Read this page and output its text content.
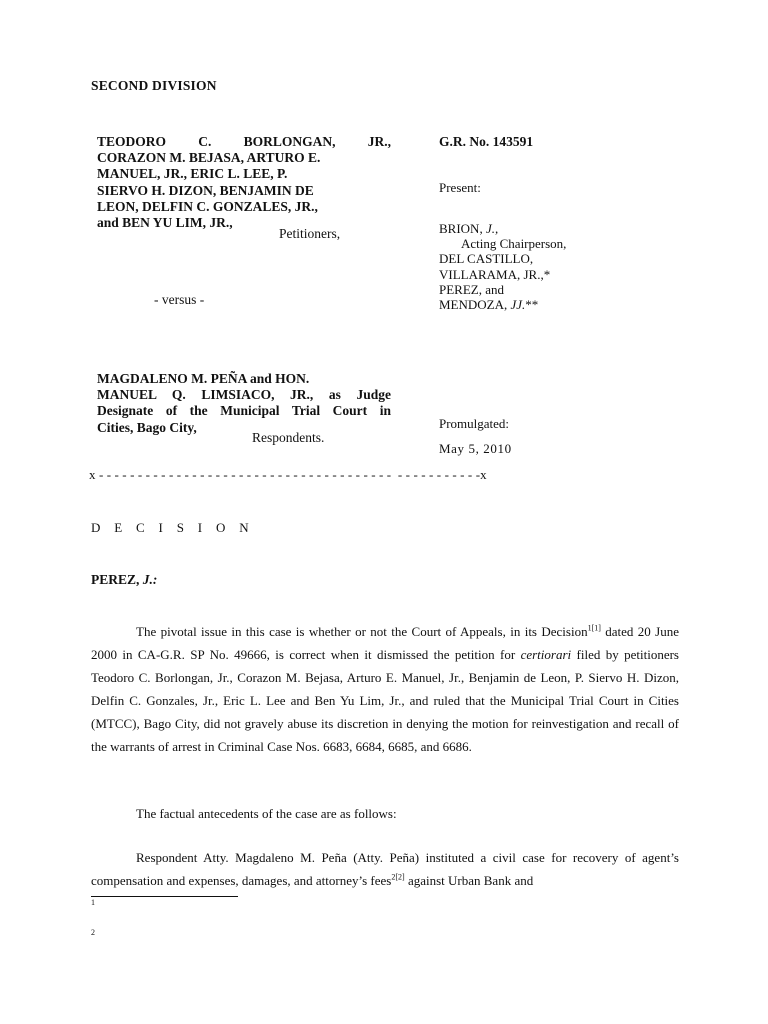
SECOND DIVISION
TEODORO C. BORLONGAN, JR.,
CORAZON M. BEJASA, ARTURO E.
MANUEL, JR., ERIC L. LEE, P.
SIERVO H. DIZON, BENJAMIN DE
LEON, DELFIN C. GONZALES, JR.,
and BEN YU LIM, JR.,
Petitioners,
- versus -
MAGDALENO M. PEÑA and HON.
MANUEL Q. LIMSIACO, JR., as Judge
Designate of the Municipal Trial Court in
Cities, Bago City,
Respondents.
G.R. No. 143591
Present:
BRION, J.,
Acting Chairperson,
DEL CASTILLO,
VILLARAMA, JR.,*
PEREZ, and
MENDOZA, JJ.**
Promulgated:
May 5, 2010
x - - - - - - - - - - - - - - - - - - - - - - - - - - - - - - - - - - - - - -  - - - - - - - - - - -x
D E C I S I O N
PEREZ, J.:
The pivotal issue in this case is whether or not the Court of Appeals, in its Decision$^{1[1]}$ dated 20 June 2000 in CA-G.R. SP No. 49666, is correct when it dismissed the petition for certiorari filed by petitioners Teodoro C. Borlongan, Jr., Corazon M. Bejasa, Arturo E. Manuel, Jr., Benjamin de Leon, P. Siervo H. Dizon, Delfin C. Gonzales, Jr., Eric L. Lee and Ben Yu Lim, Jr., and ruled that the Municipal Trial Court in Cities (MTCC), Bago City, did not gravely abuse its discretion in denying the motion for reinvestigation and recall of the warrants of arrest in Criminal Case Nos. 6683, 6684, 6685, and 6686.
The factual antecedents of the case are as follows:
Respondent Atty. Magdaleno M. Peña (Atty. Peña) instituted a civil case for recovery of agent’s compensation and expenses, damages, and attorney’s fees$^{2[2]}$ against Urban Bank and
1
2
